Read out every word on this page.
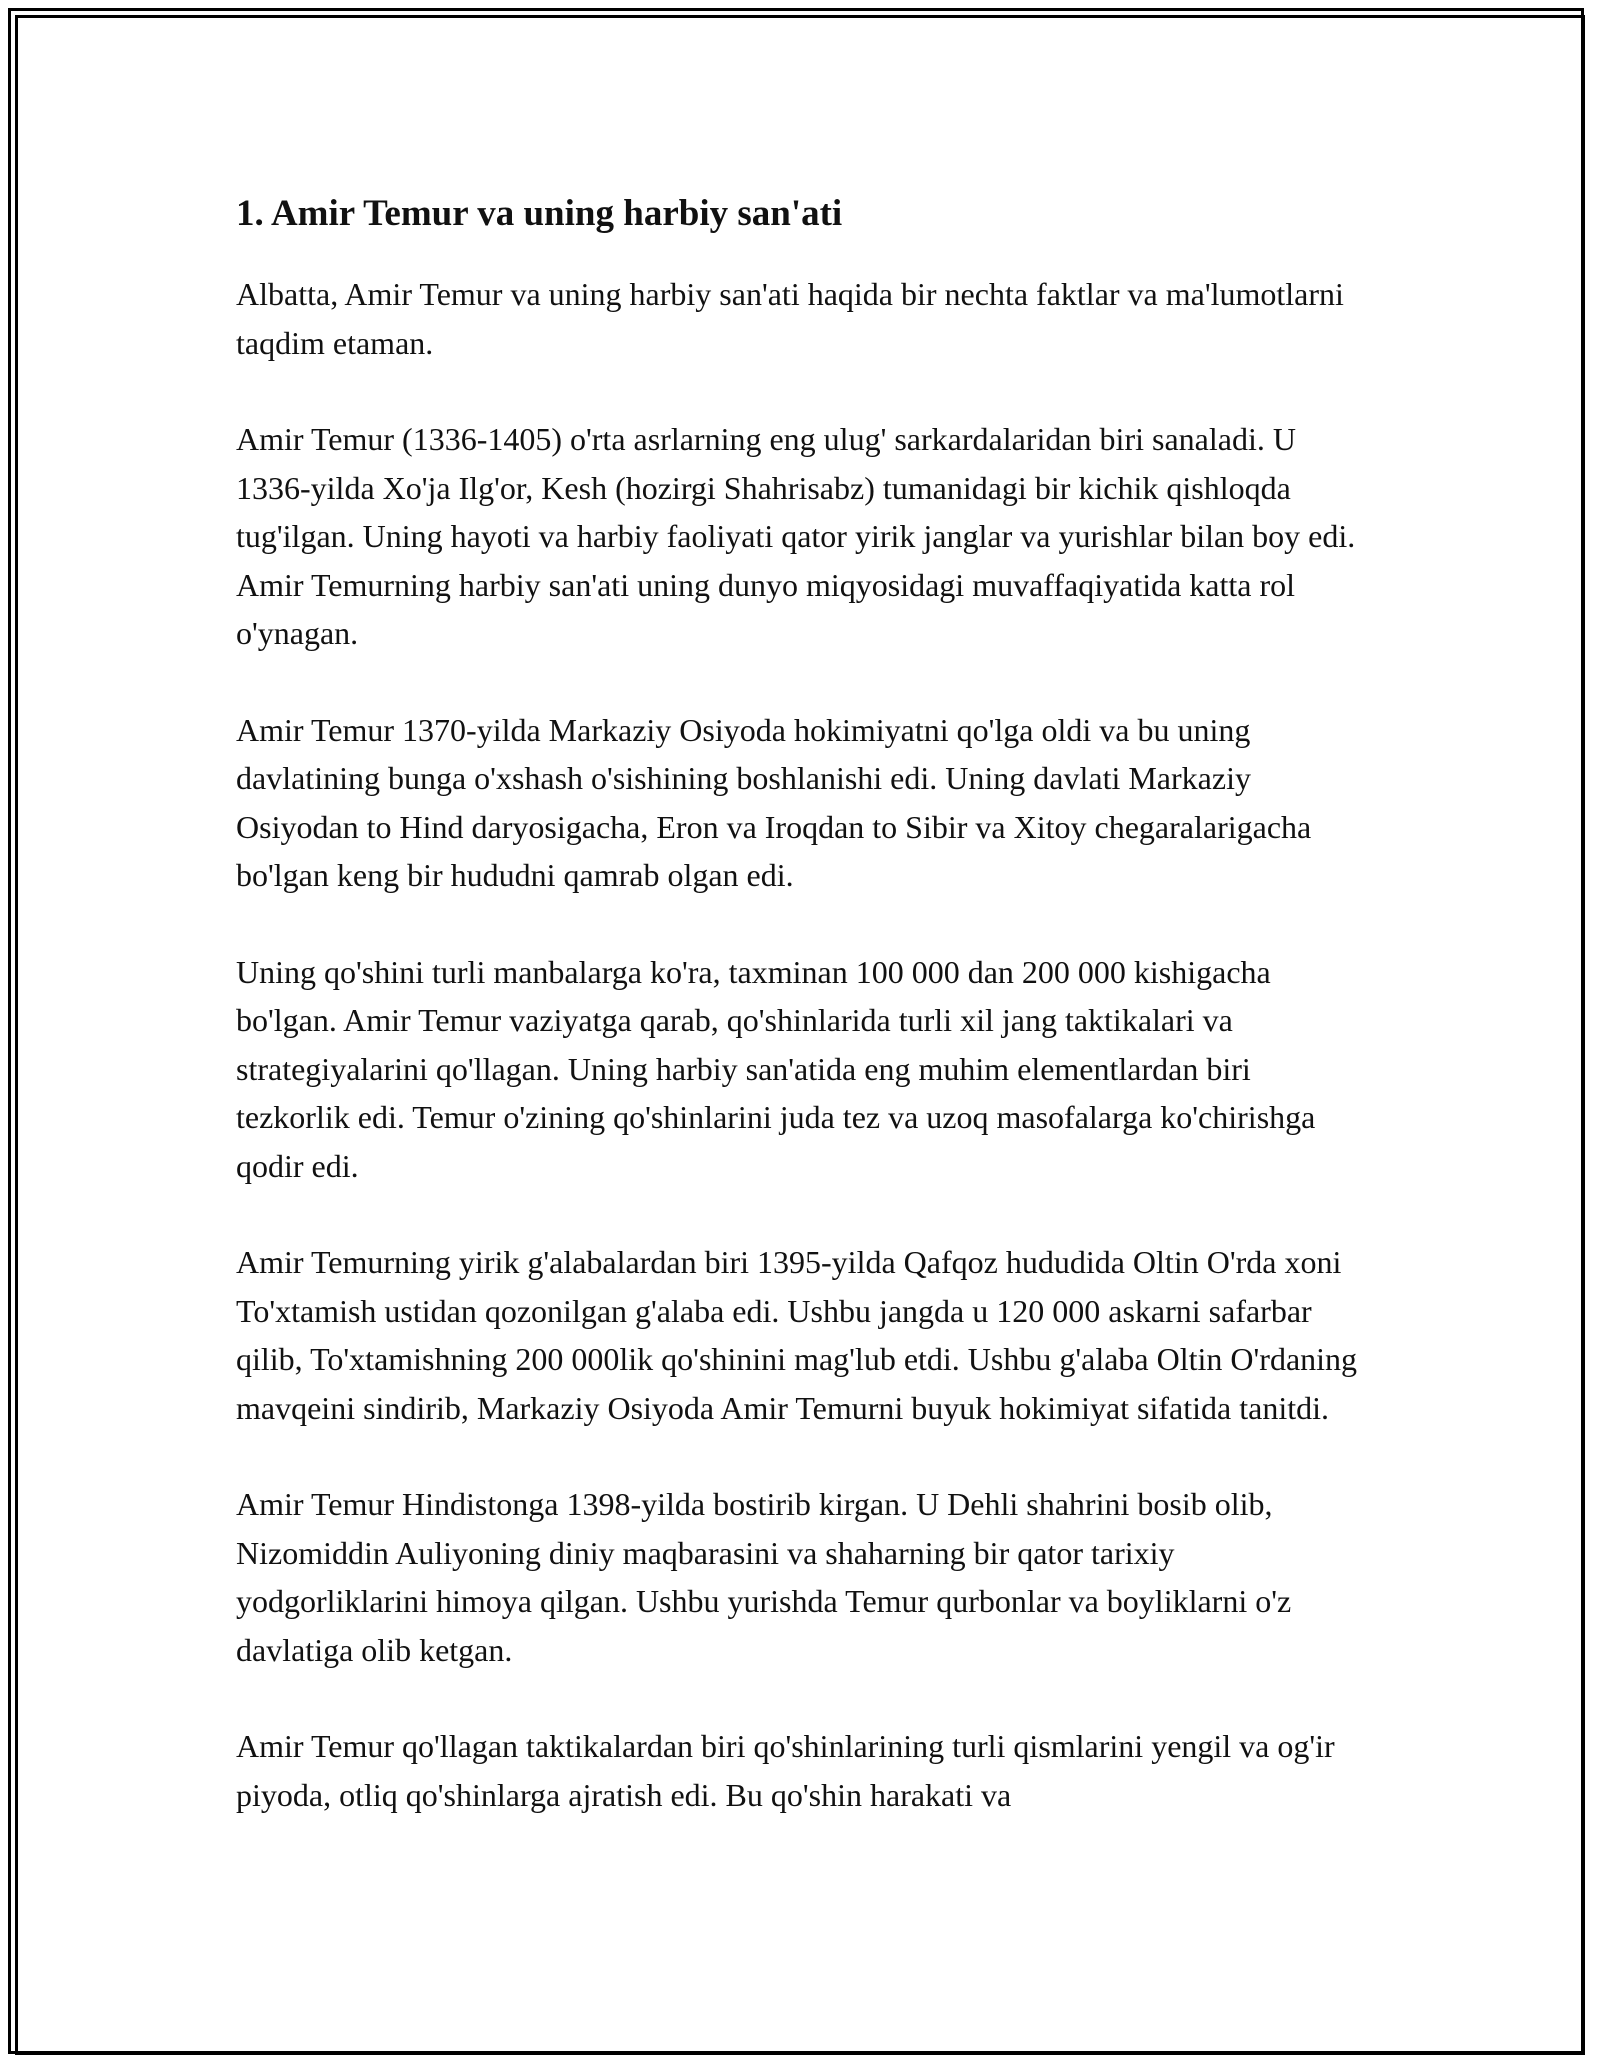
1. Amir Temur va uning harbiy san'ati

Albatta, Amir Temur va uning harbiy san'ati haqida bir nechta faktlar va ma'lumotlarni taqdim etaman.

Amir Temur (1336-1405) o'rta asrlarning eng ulug' sarkardalaridan biri sanaladi. U 1336-yilda Xo'ja Ilg'or, Kesh (hozirgi Shahrisabz) tumanidagi bir kichik qishloqda tug'ilgan. Uning hayoti va harbiy faoliyati qator yirik janglar va yurishlar bilan boy edi. Amir Temurning harbiy san'ati uning dunyo miqyosidagi muvaffaqiyatida katta rol o'ynagan.

Amir Temur 1370-yilda Markaziy Osiyoda hokimiyatni qo'lga oldi va bu uning davlatining bunga o'xshash o'sishining boshlanishi edi. Uning davlati Markaziy Osiyodan to Hind daryosigacha, Eron va Iroqdan to Sibir va Xitoy chegaralarigacha bo'lgan keng bir hududni qamrab olgan edi.

Uning qo'shini turli manbalarga ko'ra, taxminan 100 000 dan 200 000 kishigacha bo'lgan. Amir Temur vaziyatga qarab, qo'shinlarida turli xil jang taktikalari va strategiyalarini qo'llagan. Uning harbiy san'atida eng muhim elementlardan biri tezkorlik edi. Temur o'zining qo'shinlarini juda tez va uzoq masofalarga ko'chirishga qodir edi.

Amir Temurning yirik g'alabalardan biri 1395-yilda Qafqoz hududida Oltin O'rda xoni To'xtamish ustidan qozonilgan g'alaba edi. Ushbu jangda u 120 000 askarni safarbar qilib, To'xtamishning 200 000lik qo'shinini mag'lub etdi. Ushbu g'alaba Oltin O'rdaning mavqeini sindirib, Markaziy Osiyoda Amir Temurni buyuk hokimiyat sifatida tanitdi.

Amir Temur Hindistonga 1398-yilda bostirib kirgan. U Dehli shahrini bosib olib, Nizomiddin Auliyoning diniy maqbarasini va shaharning bir qator tarixiy yodgorliklarini himoya qilgan. Ushbu yurishda Temur qurbonlar va boyliklarni o'z davlatiga olib ketgan.

Amir Temur qo'llagan taktikalardan biri qo'shinlarining turli qismlarini yengil va og'ir piyoda, otliq qo'shinlarga ajratish edi. Bu qo'shin harakati va
